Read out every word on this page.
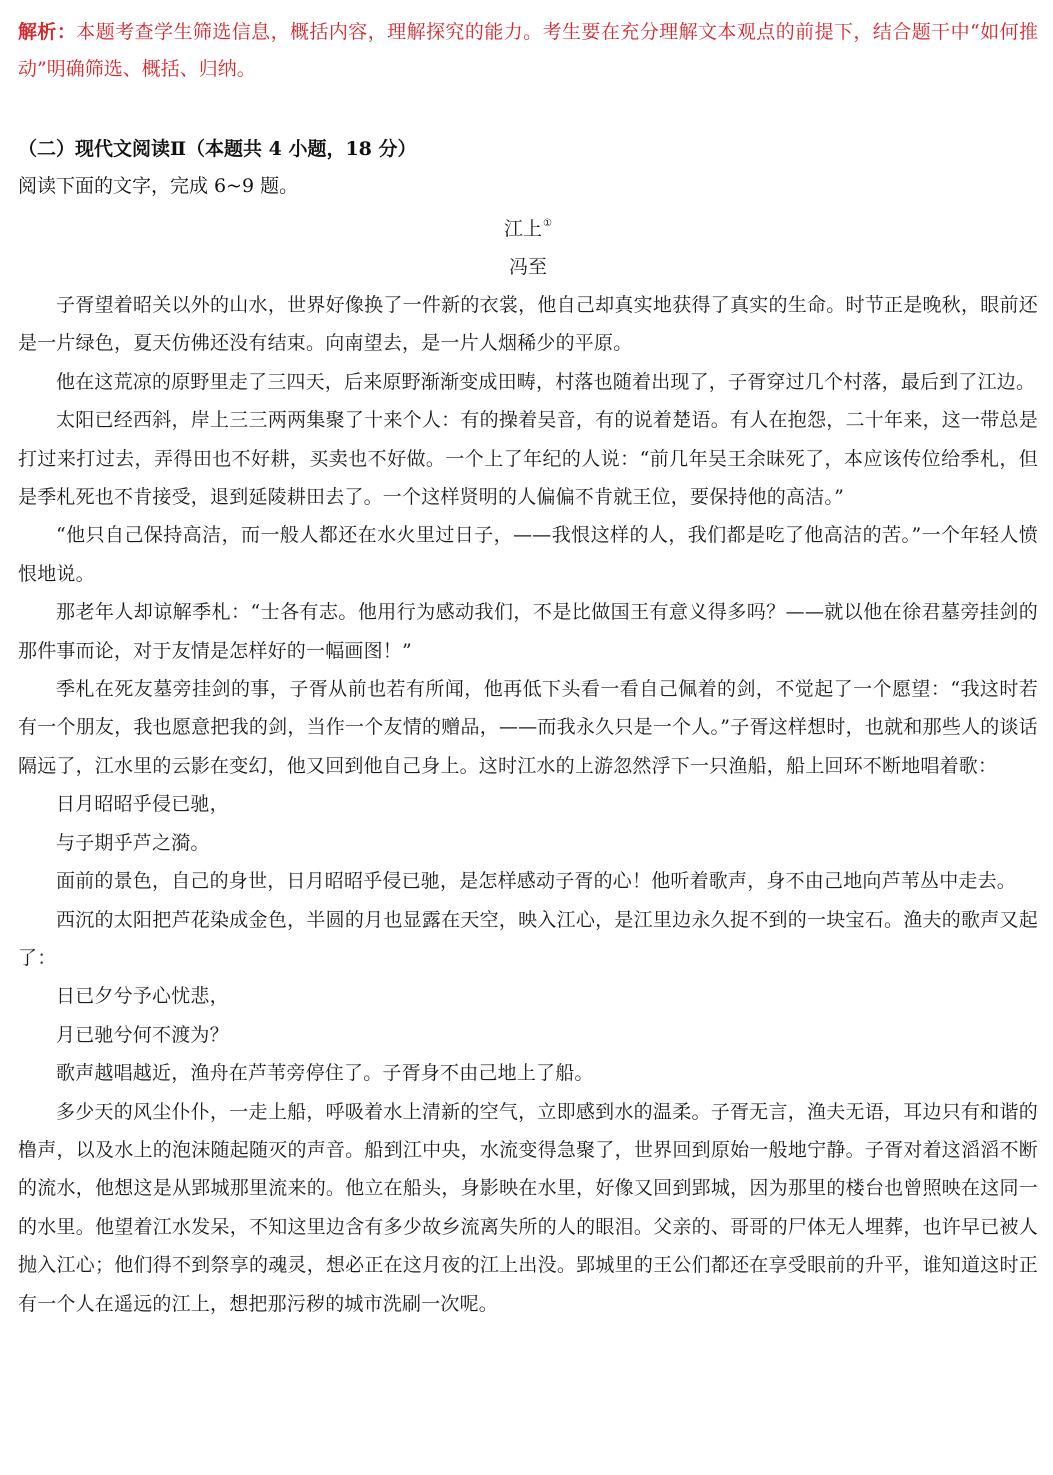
解析：本题考查学生筛选信息，概括内容，理解探究的能力。考生要在充分理解文本观点的前提下，结合题干中“如何推动”明确筛选、概括、归纳。

（二）现代文阅读Ⅱ（本题共 4 小题，18 分）

阅读下面的文字，完成 6~9 题。

江上①

冯至

子胥望着昭关以外的山水，世界好像换了一件新的衣裳，他自己却真实地获得了真实的生命。时节正是晚秋，眼前还是一片绿色，夏天仿佛还没有结束。向南望去，是一片人烟稀少的平原。

他在这荒凉的原野里走了三四天，后来原野渐渐变成田畴，村落也随着出现了，子胥穿过几个村落，最后到了江边。

太阳已经西斜，岸上三三两两集聚了十来个人：有的操着吴音，有的说着楚语。有人在抱怨，二十年来，这一带总是打过来打过去，弄得田也不好耕，买卖也不好做。一个上了年纪的人说：“前几年吴王余昧死了，本应该传位给季札，但是季札死也不肯接受，退到延陵耕田去了。一个这样贤明的人偏偏不肯就王位，要保持他的高洁。”

“他只自己保持高洁，而一般人都还在水火里过日子，——我恨这样的人，我们都是吃了他高洁的苦。”一个年轻人愤恨地说。

那老年人却谅解季札：“士各有志。他用行为感动我们，不是比做国王有意义得多吗？——就以他在徐君墓旁挂剑的那件事而论，对于友情是怎样好的一幅画图！”

季札在死友墓旁挂剑的事，子胥从前也若有所闻，他再低下头看一看自己佩着的剑，不觉起了一个愿望：“我这时若有一个朋友，我也愿意把我的剑，当作一个友情的赠品，——而我永久只是一个人。”子胥这样想时，也就和那些人的谈话隔远了，江水里的云影在变幻，他又回到他自己身上。这时江水的上游忽然浮下一只渔船，船上回环不断地唱着歌：

日月昭昭乎侵已驰，

与子期乎芦之漪。

面前的景色，自己的身世，日月昭昭乎侵已驰，是怎样感动子胥的心！他听着歌声，身不由己地向芦苇丛中走去。

西沉的太阳把芦花染成金色，半圆的月也显露在天空，映入江心，是江里边永久捉不到的一块宝石。渔夫的歌声又起了：

日已夕兮予心忧悲，

月已驰兮何不渡为？

歌声越唱越近，渔舟在芦苇旁停住了。子胥身不由己地上了船。

多少天的风尘仆仆，一走上船，呼吸着水上清新的空气，立即感到水的温柔。子胥无言，渔夫无语，耳边只有和谐的橹声，以及水上的泡沫随起随灭的声音。船到江中央，水流变得急聚了，世界回到原始一般地宁静。子胥对着这滔滔不断的流水，他想这是从郢城那里流来的。他立在船头，身影映在水里，好像又回到郢城，因为那里的楼台也曾照映在这同一的水里。他望着江水发呆，不知这里边含有多少故乡流离失所的人的眼泪。父亲的、哥哥的尸体无人埋葬，也许早已被人抛入江心；他们得不到祭享的魂灵，想必正在这月夜的江上出没。郢城里的王公们都还在享受眼前的升平，谁知道这时正有一个人在遥远的江上，想把那污秽的城市洗刷一次呢。
